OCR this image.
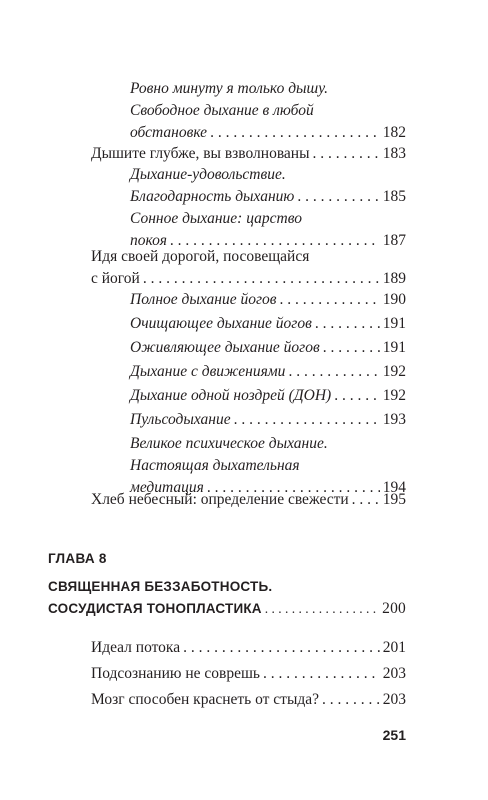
Ровно минуту я только дышу.
Свободное дыхание в любой
обстановке . . .	182
Дышите глубже, вы взволнованы . . .	183
Дыхание-удовольствие.
Благодарность дыханию . . .	185
Сонное дыхание: царство
покоя . . .	187
Идя своей дорогой, посовещайся
с йогой . . .	189
Полное дыхание йогов . . .	190
Очищающее дыхание йогов . . .	191
Оживляющее дыхание йогов . . .	191
Дыхание с движениями . . .	192
Дыхание одной ноздрей (ДОН) . . .	192
Пульсодыхание . . .	193
Великое психическое дыхание.
Настоящая дыхательная
медитация . . .	194
Хлеб небесный: определение свежести . . . 195
ГЛАВА 8
СВЯЩЕННАЯ БЕЗЗАБОТНОСТЬ.
СОСУДИСТАЯ ТОНОПЛАСТИКА . . .	200
Идеал потока . . .	201
Подсознанию не соврешь . . .	203
Мозг способен краснеть от стыда? . . .	203
251
